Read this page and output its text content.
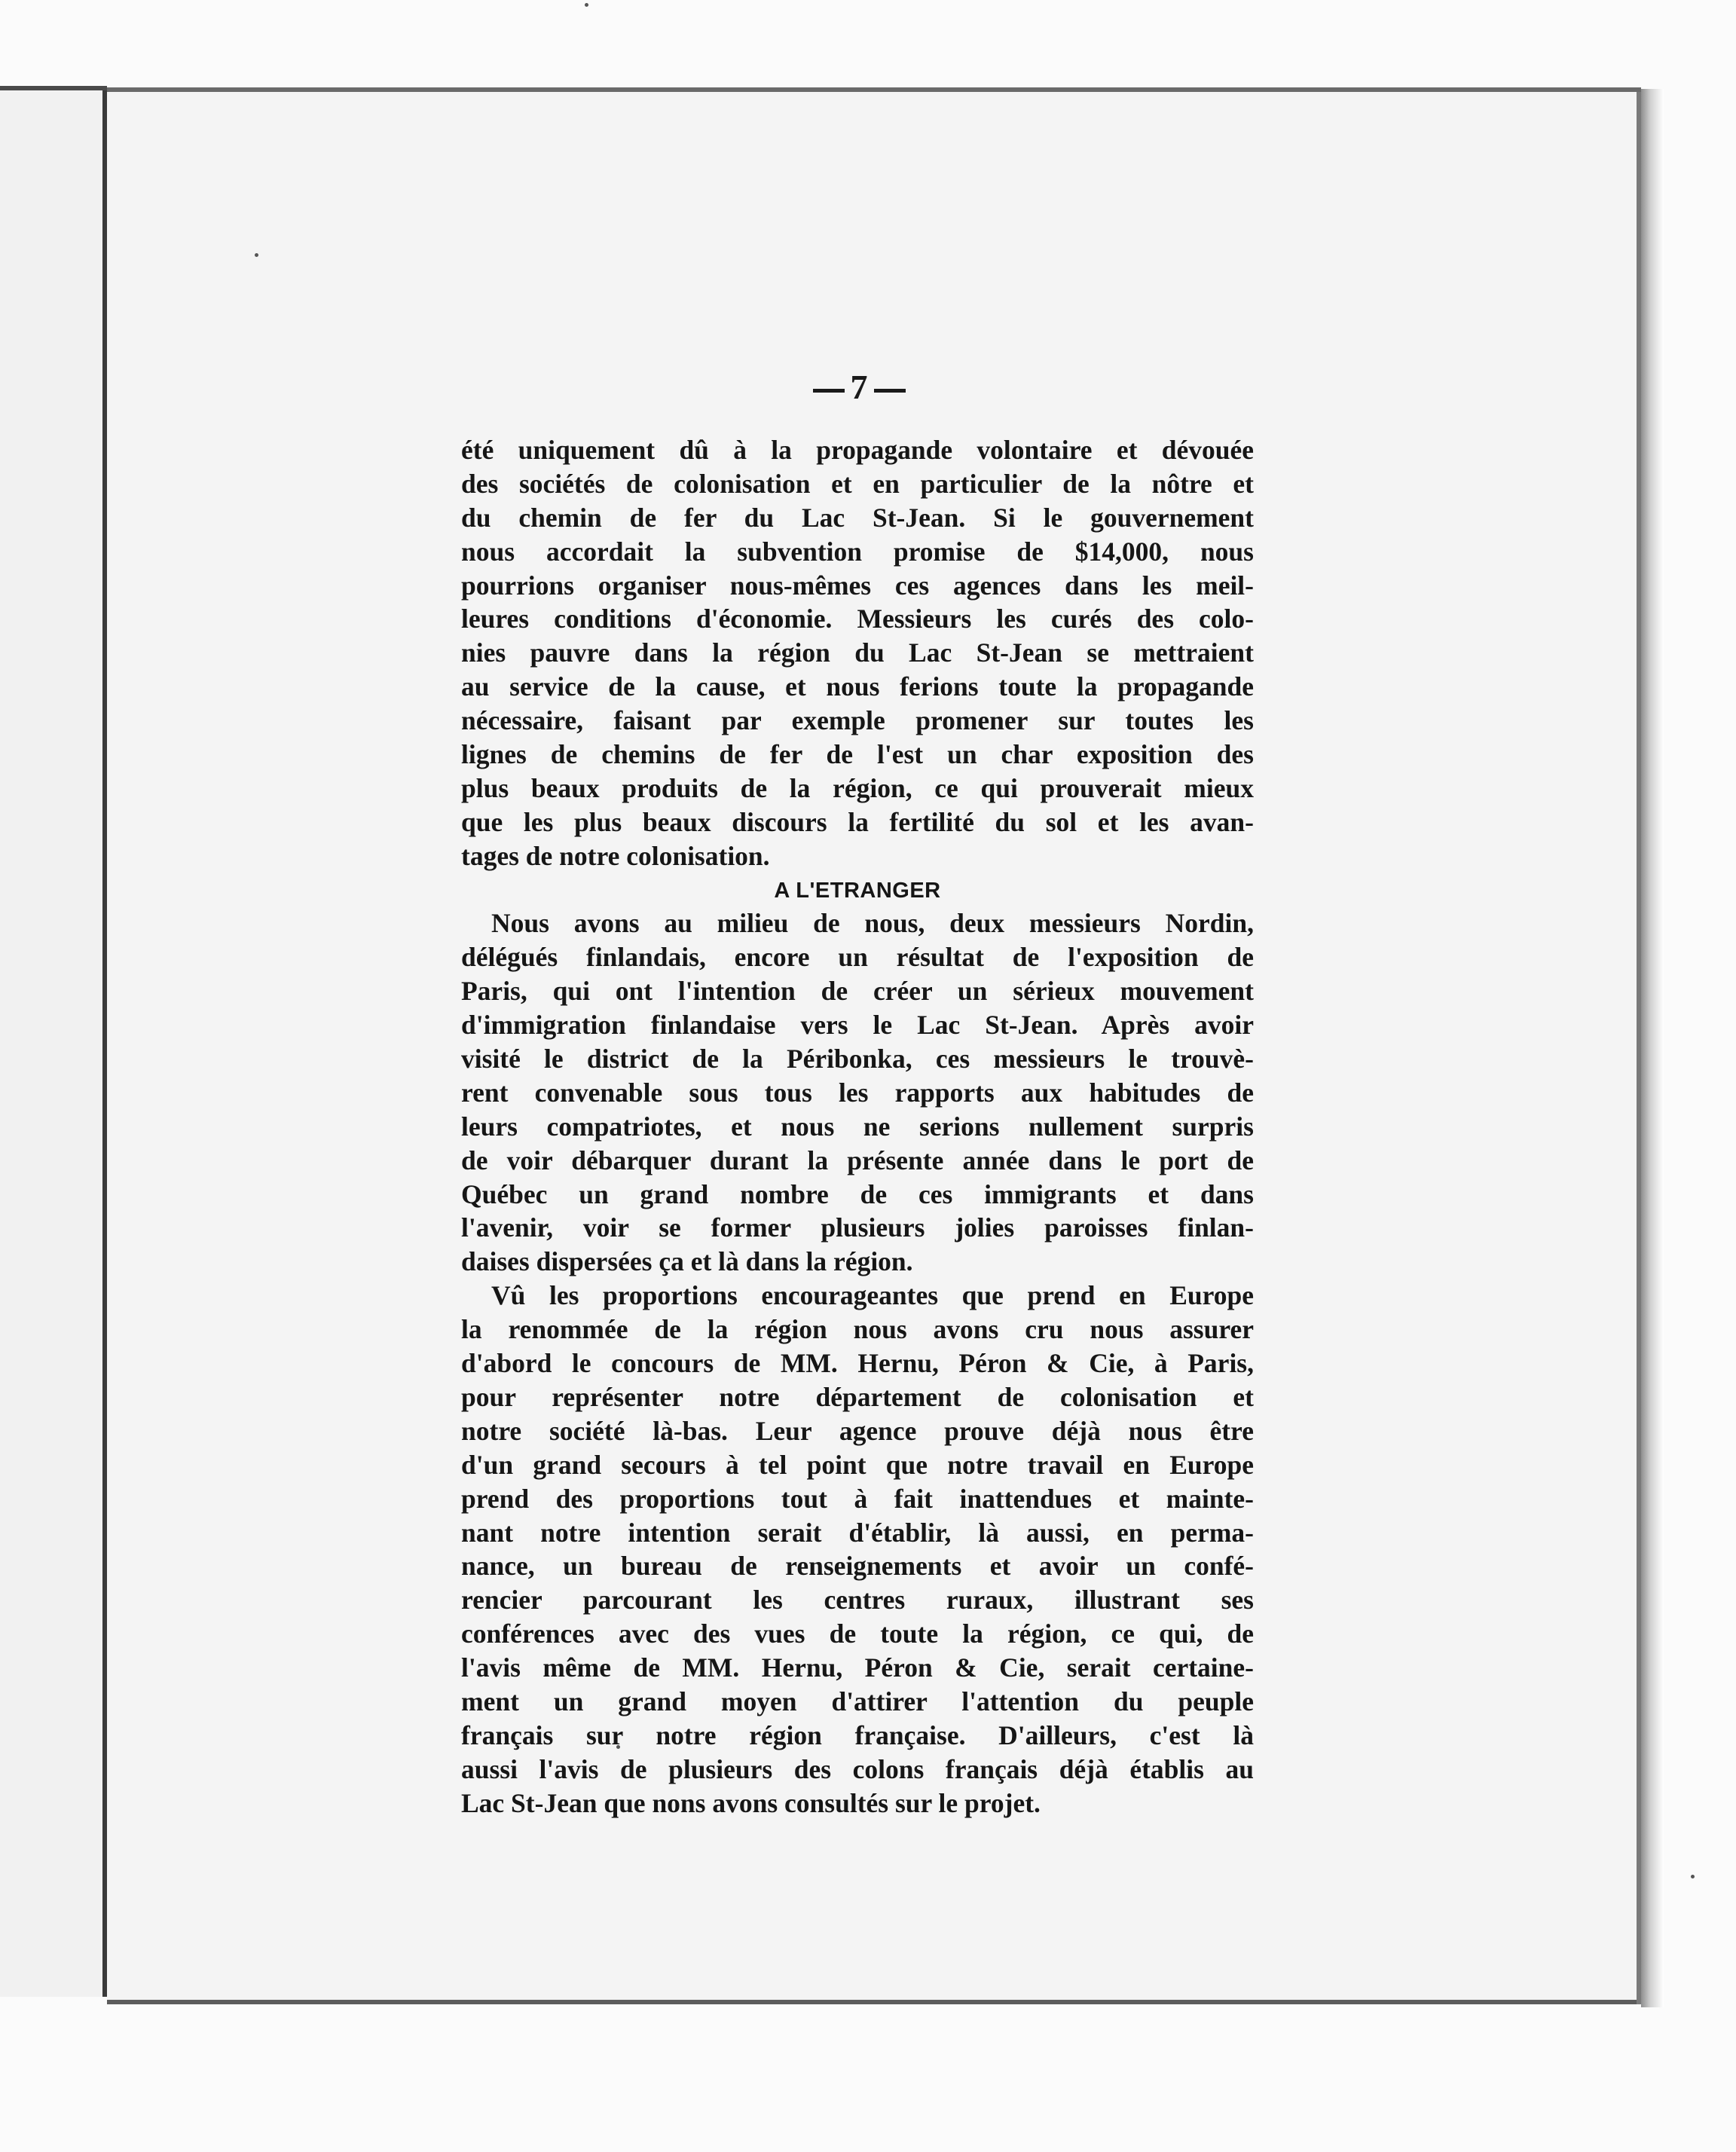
7
été uniquement dû à la propagande volontaire et dévouée
des sociétés de colonisation et en particulier de la nôtre et
du chemin de fer du Lac St-Jean. Si le gouvernement
nous accordait la subvention promise de $14,000, nous
pourrions organiser nous-mêmes ces agences dans les meil-
leures conditions d'économie. Messieurs les curés des colo-
nies pauvre dans la région du Lac St-Jean se mettraient
au service de la cause, et nous ferions toute la propagande
nécessaire, faisant par exemple promener sur toutes les
lignes de chemins de fer de l'est un char exposition des
plus beaux produits de la région, ce qui prouverait mieux
que les plus beaux discours la fertilité du sol et les avan-
tages de notre colonisation.
A L'ETRANGER
Nous avons au milieu de nous, deux messieurs Nordin,
délégués finlandais, encore un résultat de l'exposition de
Paris, qui ont l'intention de créer un sérieux mouvement
d'immigration finlandaise vers le Lac St-Jean. Après avoir
visité le district de la Péribonka, ces messieurs le trouvè-
rent convenable sous tous les rapports aux habitudes de
leurs compatriotes, et nous ne serions nullement surpris
de voir débarquer durant la présente année dans le port de
Québec un grand nombre de ces immigrants et dans
l'avenir, voir se former plusieurs jolies paroisses finlan-
daises dispersées ça et là dans la région.
Vû les proportions encourageantes que prend en Europe
la renommée de la région nous avons cru nous assurer
d'abord le concours de MM. Hernu, Péron & Cie, à Paris,
pour représenter notre département de colonisation et
notre société là-bas. Leur agence prouve déjà nous être
d'un grand secours à tel point que notre travail en Europe
prend des proportions tout à fait inattendues et mainte-
nant notre intention serait d'établir, là aussi, en perma-
nance, un bureau de renseignements et avoir un confé-
rencier parcourant les centres ruraux, illustrant ses
conférences avec des vues de toute la région, ce qui, de
l'avis même de MM. Hernu, Péron & Cie, serait certaine-
ment un grand moyen d'attirer l'attention du peuple
français sur notre région française. D'ailleurs, c'est là
aussi l'avis de plusieurs des colons français déjà établis au
Lac St-Jean que nons avons consultés sur le projet.
